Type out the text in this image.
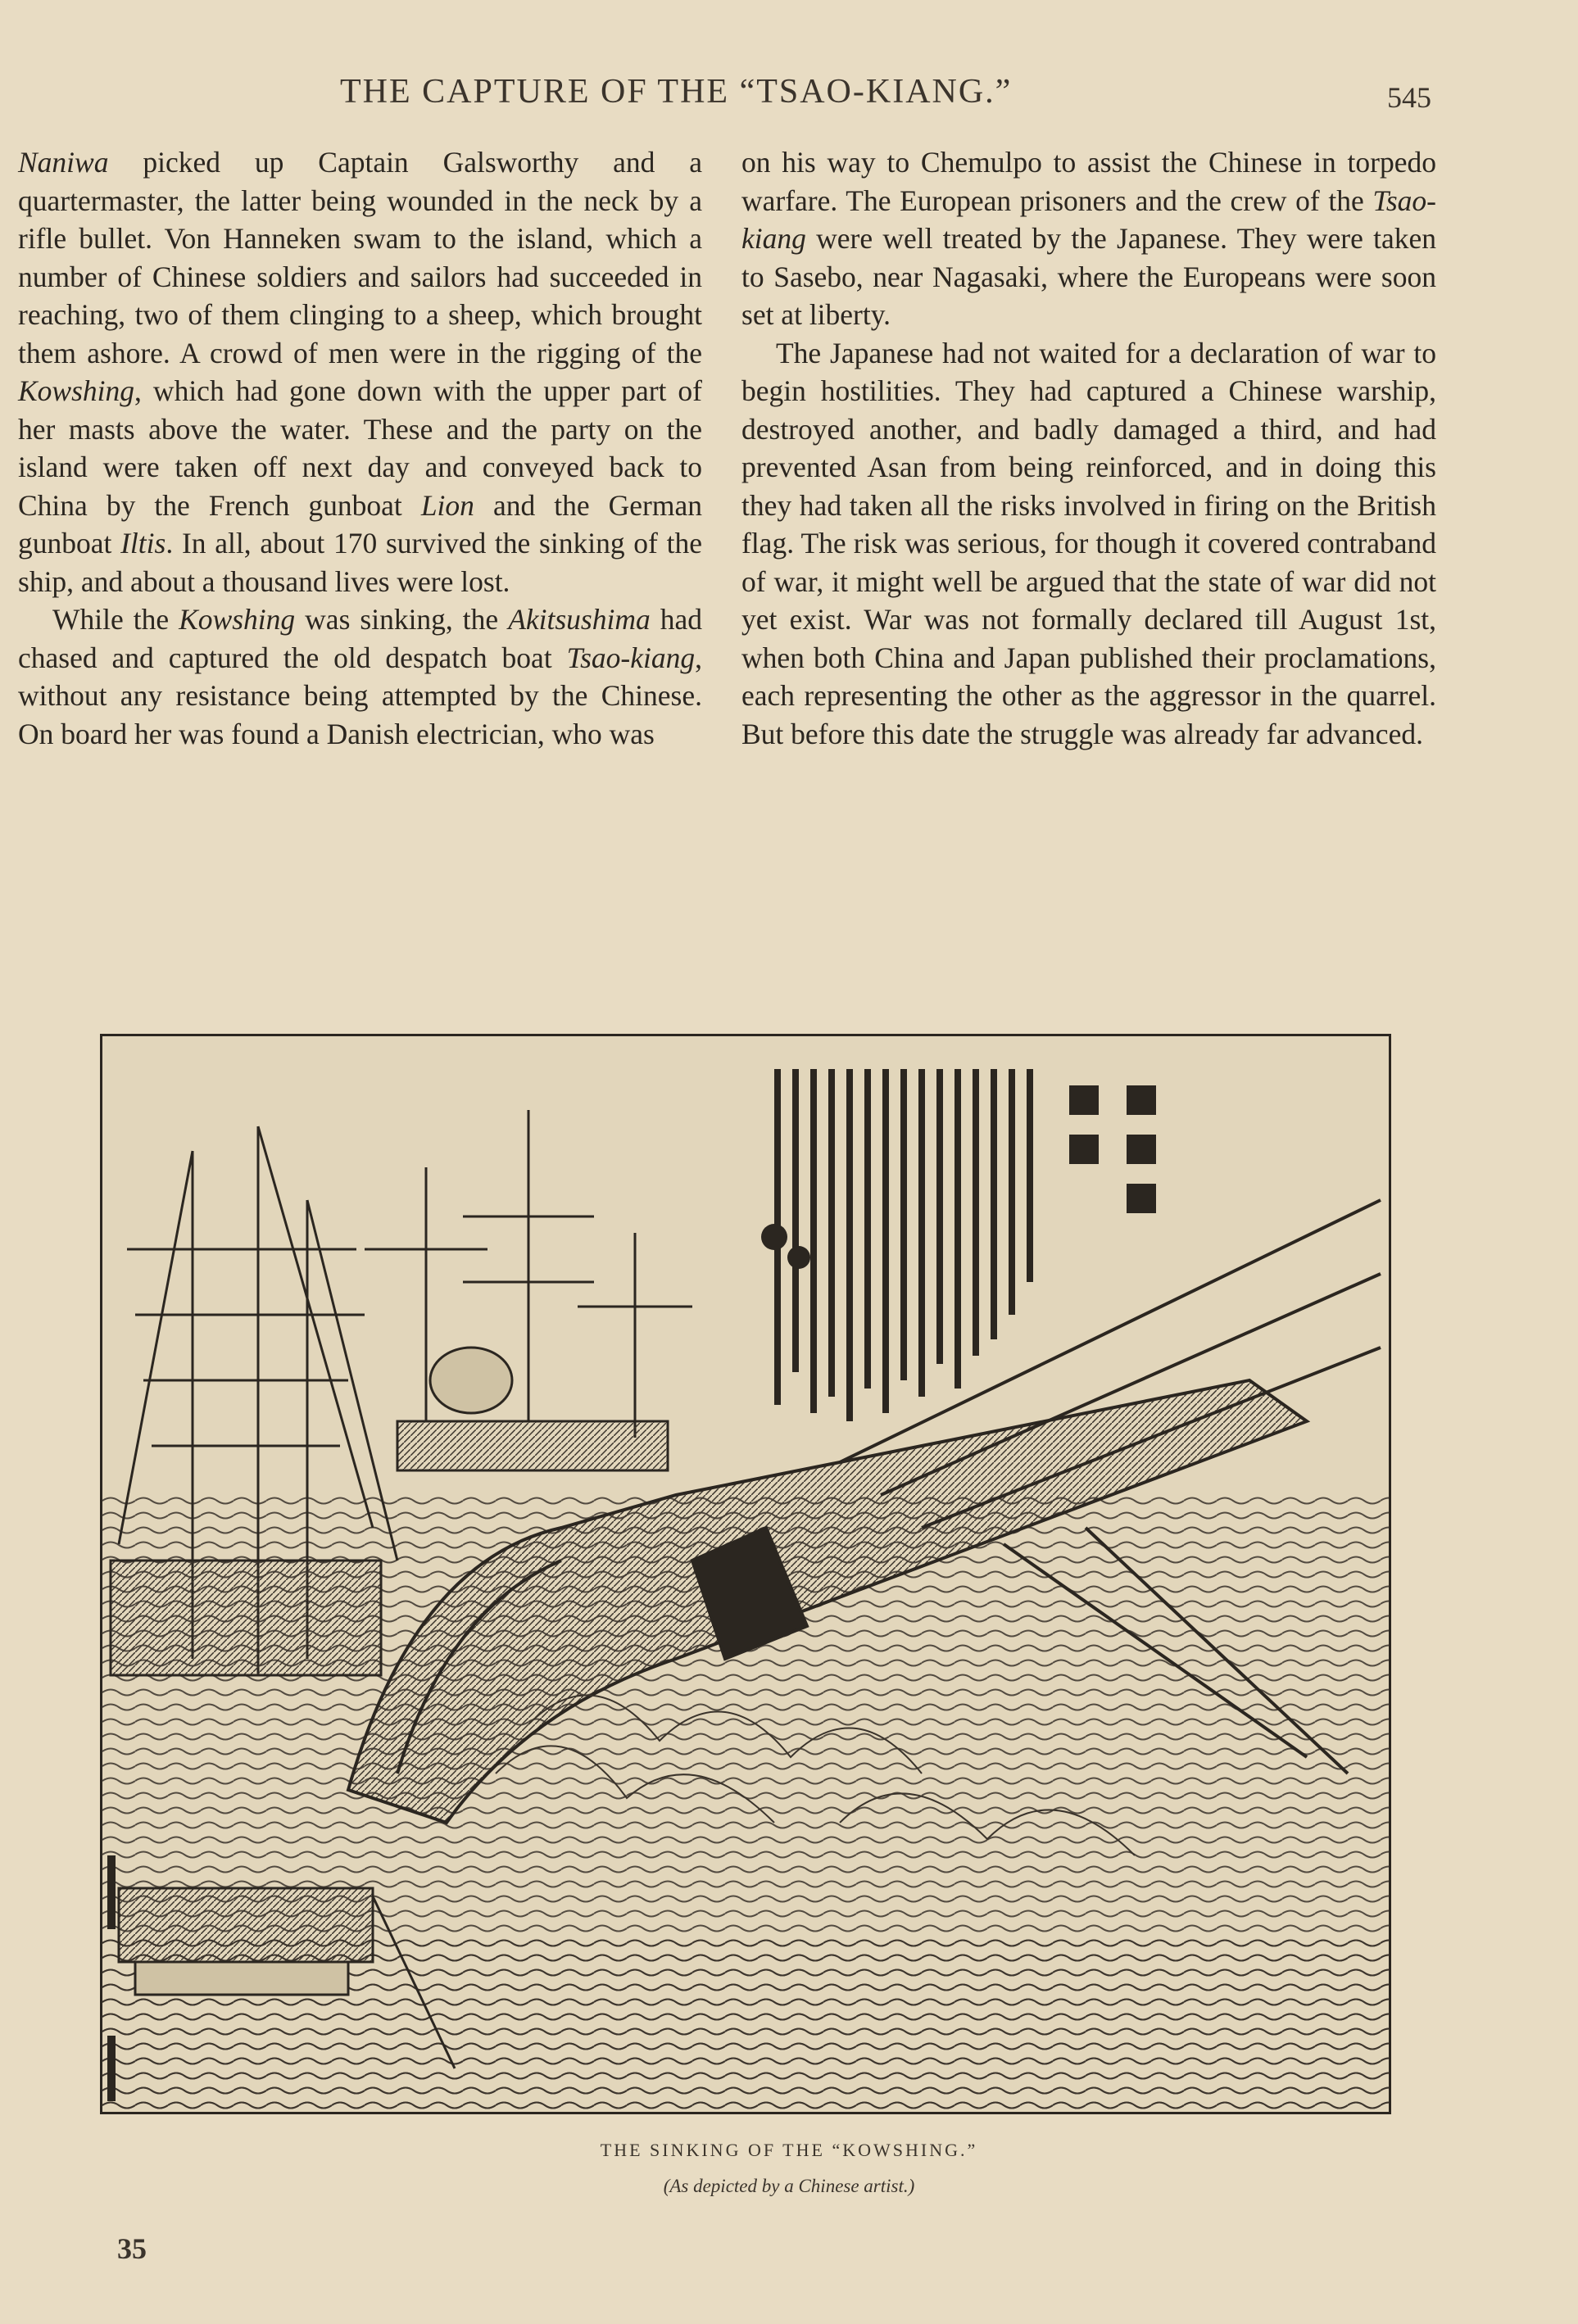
THE CAPTURE OF THE “TSAO-KIANG.”	545

Naniwa picked up Captain Galsworthy and a quartermaster, the latter being wounded in the neck by a rifle bullet. Von Hanneken swam to the island, which a number of Chinese soldiers and sailors had succeeded in reaching, two of them clinging to a sheep, which brought them ashore. A crowd of men were in the rigging of the Kowshing, which had gone down with the upper part of her masts above the water. These and the party on the island were taken off next day and conveyed back to China by the French gunboat Lion and the German gunboat Iltis. In all, about 170 survived the sinking of the ship, and about a thousand lives were lost.

While the Kowshing was sinking, the Akitsushima had chased and captured the old despatch boat Tsao-kiang, without any resistance being attempted by the Chinese. On board her was found a Danish electrician, who was

on his way to Chemulpo to assist the Chinese in torpedo warfare. The European prisoners and the crew of the Tsao-kiang were well treated by the Japanese. They were taken to Sasebo, near Nagasaki, where the Europeans were soon set at liberty.

The Japanese had not waited for a declaration of war to begin hostilities. They had captured a Chinese warship, destroyed another, and badly damaged a third, and had prevented Asan from being reinforced, and in doing this they had taken all the risks involved in firing on the British flag. The risk was serious, for though it covered contraband of war, it might well be argued that the state of war did not yet exist. War was not formally declared till August 1st, when both China and Japan published their proclamations, each representing the other as the aggressor in the quarrel. But before this date the struggle was already far advanced.

THE SINKING OF THE “KOWSHING.”
(As depicted by a Chinese artist.)
35
